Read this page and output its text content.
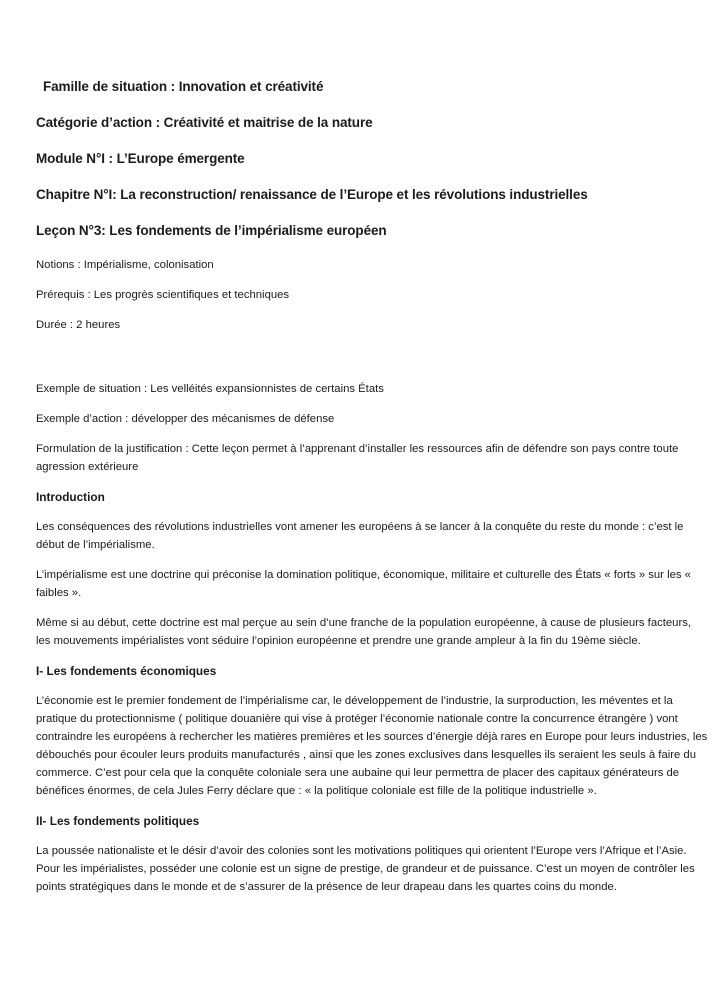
Famille de situation : Innovation et créativité

Catégorie d’action : Créativité et maitrise de la nature

Module N°I : L’Europe émergente

Chapitre N°I: La reconstruction/ renaissance de l’Europe et les révolutions industrielles

Leçon N°3: Les fondements de l’impérialisme européen

Notions : Impérialisme, colonisation

Prérequis : Les progrès scientifiques et techniques

Durée : 2 heures

Exemple de situation : Les velléités expansionnistes de certains États

Exemple d’action : développer des mécanismes de défense

Formulation de la justification : Cette leçon permet à l’apprenant d’installer les ressources afin de défendre son pays contre toute agression extérieure

Introduction

Les conséquences des révolutions industrielles vont amener les européens à se lancer à la conquête du reste du monde : c’est le début de l’impérialisme.

L’impérialisme est une doctrine qui préconise la domination politique, économique, militaire et culturelle des États « forts » sur les « faibles ».

Même si au début, cette doctrine est mal perçue au sein d’une franche de la population européenne, à cause de plusieurs facteurs, les mouvements impérialistes vont séduire l’opinion européenne et prendre une grande ampleur à la fin du 19ème siècle.

I- Les fondements économiques

L’économie est le premier fondement de l’impérialisme car, le développement de l’industrie, la surproduction, les méventes et la pratique du protectionnisme ( politique douanière qui vise à protéger l’économie nationale contre la concurrence étrangère ) vont contraindre les européens à rechercher les matières premières et les sources d’énergie déjà rares en Europe pour leurs industries, les débouchés pour écouler leurs produits manufacturés , ainsi que les zones exclusives dans lesquelles ils seraient les seuls à faire du commerce. C’est pour cela que la conquête coloniale sera une aubaine qui leur permettra de placer des capitaux générateurs de bénéfices énormes, de cela Jules Ferry déclare que : « la politique coloniale est fille de la politique industrielle ».

II- Les fondements politiques

La poussée nationaliste et le désir d’avoir des colonies sont les motivations politiques qui orientent l’Europe vers l’Afrique et l’Asie. Pour les impérialistes, posséder une colonie est un signe de prestige, de grandeur et de puissance. C’est un moyen de contrôler les points stratégiques dans le monde et de s’assurer de la présence de leur drapeau dans les quartes coins du monde.
